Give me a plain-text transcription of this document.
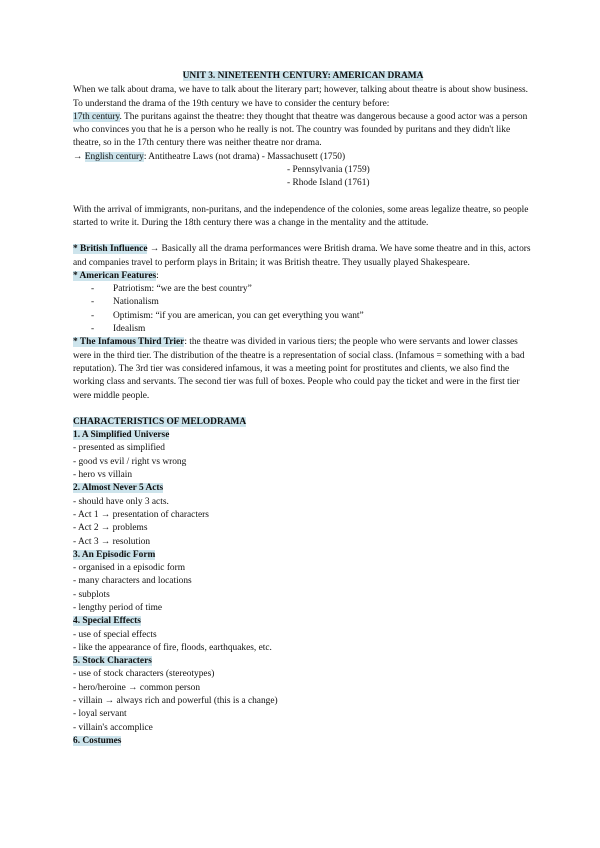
UNIT 3. NINETEENTH CENTURY: AMERICAN DRAMA

When we talk about drama, we have to talk about the literary part; however, talking about theatre is about show business. To understand the drama of the 19th century we have to consider the century before:

17th century. The puritans against the theatre: they thought that theatre was dangerous because a good actor was a person who convinces you that he is a person who he really is not. The country was founded by puritans and they didn't like theatre, so in the 17th century there was neither theatre nor drama.

→ English century: Antitheatre Laws (not drama) - Massachusett (1750)

- Pennsylvania (1759)

- Rhode Island (1761)

With the arrival of immigrants, non-puritans, and the independence of the colonies, some areas legalize theatre, so people started to write it. During the 18th century there was a change in the mentality and the attitude.

* British Influence → Basically all the drama performances were British drama. We have some theatre and in this, actors and companies travel to perform plays in Britain; it was British theatre. They usually played Shakespeare.

* American Features:

- Patriotism: “we are the best country”
- Nationalism
- Optimism: “if you are american, you can get everything you want”
- Idealism

* The Infamous Third Trier: the theatre was divided in various tiers; the people who were servants and lower classes were in the third tier. The distribution of the theatre is a representation of social class. (Infamous = something with a bad reputation). The 3rd tier was considered infamous, it was a meeting point for prostitutes and clients, we also find the working class and servants. The second tier was full of boxes. People who could pay the ticket and were in the first tier were middle people.

CHARACTERISTICS OF MELODRAMA

1. A Simplified Universe

- presented as simplified

- good vs evil / right vs wrong

- hero vs villain

2. Almost Never 5 Acts

- should have only 3 acts.

- Act 1 → presentation of characters

- Act 2 → problems

- Act 3 → resolution

3. An Episodic Form

- organised in a episodic form

- many characters and locations

- subplots

- lengthy period of time

4. Special Effects

- use of special effects

- like the appearance of fire, floods, earthquakes, etc.

5. Stock Characters

- use of stock characters (stereotypes)

- hero/heroine → common person

- villain → always rich and powerful (this is a change)

- loyal servant

- villain's accomplice

6. Costumes
